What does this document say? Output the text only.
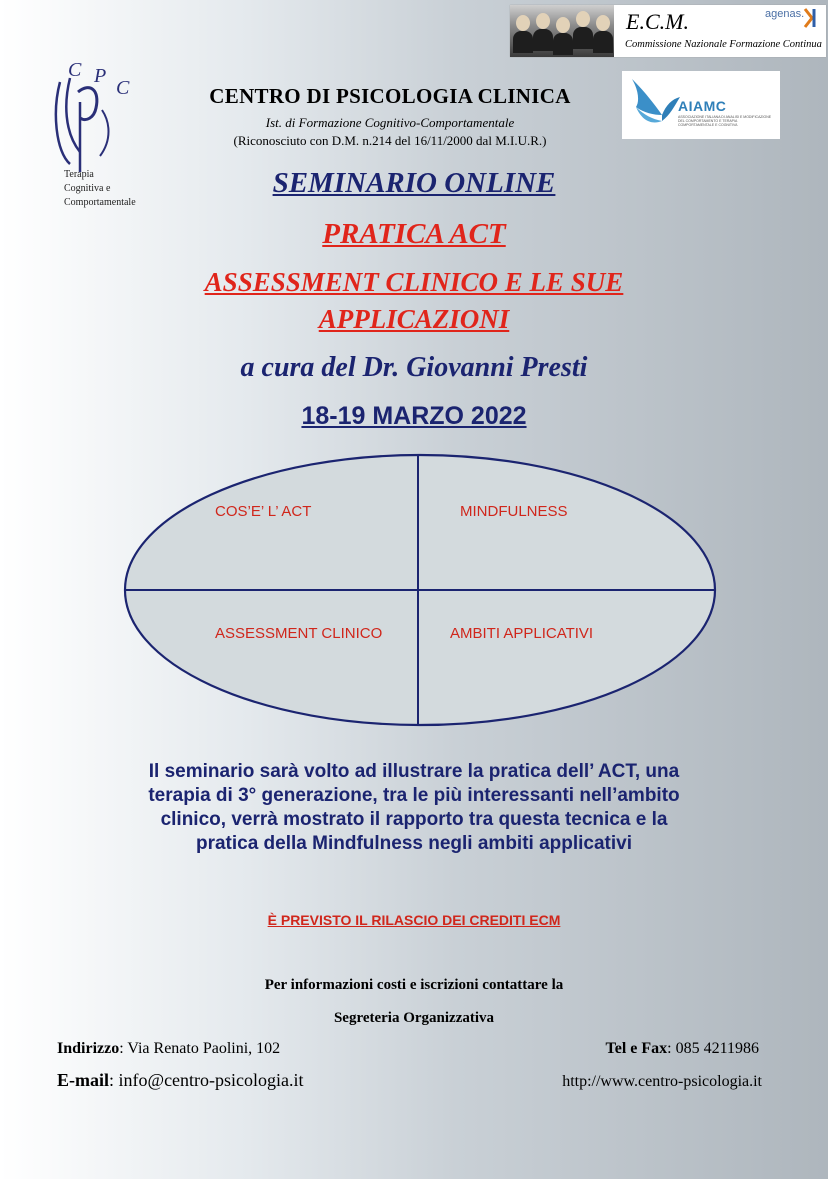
E.C.M.
Commissione Nazionale Formazione Continua
agenas.
AIAMC
ASSOCIAZIONE ITALIANA DI ANALISI E MODIFICAZIONE DEL COMPORTAMENTO E TERAPIA COMPORTAMENTALE E COGNITIVA
C P
C
Terapia
Cognitiva e
Comportamentale
CENTRO DI PSICOLOGIA CLINICA
Ist. di Formazione Cognitivo-Comportamentale
(Riconosciuto con D.M. n.214 del 16/11/2000 dal M.I.U.R.)
SEMINARIO ONLINE
PRATICA ACT
ASSESSMENT CLINICO E LE SUE
APPLICAZIONI
a cura del Dr. Giovanni Presti
18-19 MARZO 2022
COS’E’ L’ ACT	MINDFULNESS
ASSESSMENT CLINICO	AMBITI APPLICATIVI
Il seminario sarà volto ad illustrare la pratica dell’ ACT, una
terapia di 3° generazione, tra le più interessanti nell’ambito
clinico, verrà mostrato il rapporto tra questa tecnica e la
pratica della Mindfulness negli ambiti applicativi
È PREVISTO IL RILASCIO DEI CREDITI ECM
Per informazioni costi e iscrizioni contattare la
Segreteria Organizzativa
Indirizzo: Via Renato Paolini, 102	Tel e Fax: 085 4211986
E-mail: info@centro-psicologia.it	http://www.centro-psicologia.it
